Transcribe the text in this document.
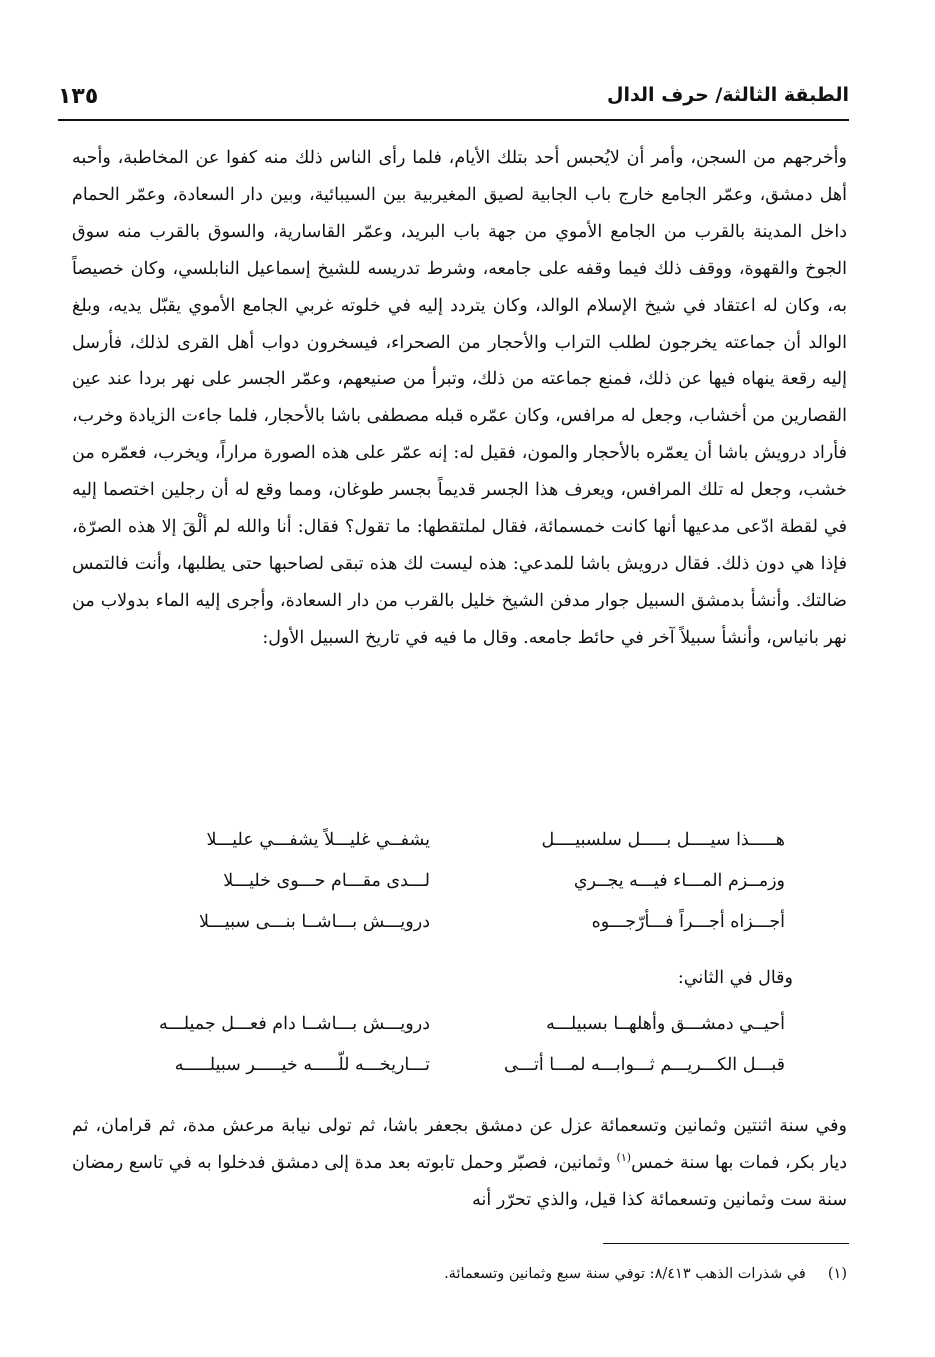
الطبقة الثالثة/ حرف الدال
١٣٥

وأخرجهم من السجن، وأمر أن لايُحبس أحد بتلك الأيام، فلما رأى الناس ذلك منه كفوا عن المخاطبة، وأحبه أهل دمشق، وعمّر الجامع خارج باب الجابية لصيق المغيربية بين السيبائية، وبين دار السعادة، وعمّر الحمام داخل المدينة بالقرب من الجامع الأموي من جهة باب البريد، وعمّر القاسارية، والسوق بالقرب منه سوق الجوخ والقهوة، ووقف ذلك فيما وقفه على جامعه، وشرط تدريسه للشيخ إسماعيل النابلسي، وكان خصيصاً به، وكان له اعتقاد في شيخ الإسلام الوالد، وكان يتردد إليه في خلوته غربي الجامع الأموي يقبّل يديه، وبلغ الوالد أن جماعته يخرجون لطلب التراب والأحجار من الصحراء، فيسخرون دواب أهل القرى لذلك، فأرسل إليه رقعة ينهاه فيها عن ذلك، فمنع جماعته من ذلك، وتبرأ من صنيعهم، وعمّر الجسر على نهر بردا عند عين القصارين من أخشاب، وجعل له مرافس، وكان عمّره قبله مصطفى باشا بالأحجار، فلما جاءت الزيادة وخرب، فأراد درويش باشا أن يعمّره بالأحجار والمون، فقيل له: إنه عمّر على هذه الصورة مراراً، ويخرب، فعمّره من خشب، وجعل له تلك المرافس، ويعرف هذا الجسر قديماً بجسر طوغان، ومما وقع له أن رجلين اختصما إليه في لقطة ادّعى مدعيها أنها كانت خمسمائة، فقال لملتقطها: ما تقول؟ فقال: أنا والله لم ألْقَ إلا هذه الصرّة، فإذا هي دون ذلك. فقال درويش باشا للمدعي: هذه ليست لك هذه تبقى لصاحبها حتى يطلبها، وأنت فالتمس ضالتك. وأنشأ بدمشق السبيل جوار مدفن الشيخ خليل بالقرب من دار السعادة، وأجرى إليه الماء بدولاب من نهر بانياس، وأنشأ سبيلاً آخر في حائط جامعه. وقال ما فيه في تاريخ السبيل الأول:

هـــــذا سيــــل بـــــل سلسبيــــل
يشفــي غليـــلاً يشفـــي عليـــلا
وزمــزم المـــاء فيـــه يجــري
لـــدى مقـــام حـــوى خليـــلا
أجـــزاه أجـــراً فـــأرّجـــوه
درويـــش بـــاشــا بنـــى سبيـــلا
وقال في الثاني:
أحيــي دمشـــق وأهلهــا بسبيلـــه
درويـــش بـــاشــا دام فعـــل جميلـــه
قبـــل الكـــريـــم ثـــوابـــه لمـــا أتـــى
تـــاريخـــه للّـــــه خيـــــر سبيلـــــه
وفي سنة اثنتين وثمانين وتسعمائة عزل عن دمشق بجعفر باشا، ثم تولى نيابة مرعش مدة، ثم قرامان، ثم ديار بكر، فمات بها سنة خمس$^{(١)}$ وثمانين، فصبّر وحمل تابوته بعد مدة إلى دمشق فدخلوا به في تاسع رمضان سنة ست وثمانين وتسعمائة كذا قيل، والذي تحرّر أنه
(١)في شذرات الذهب ٨/٤١٣: توفي سنة سبع وثمانين وتسعمائة.
